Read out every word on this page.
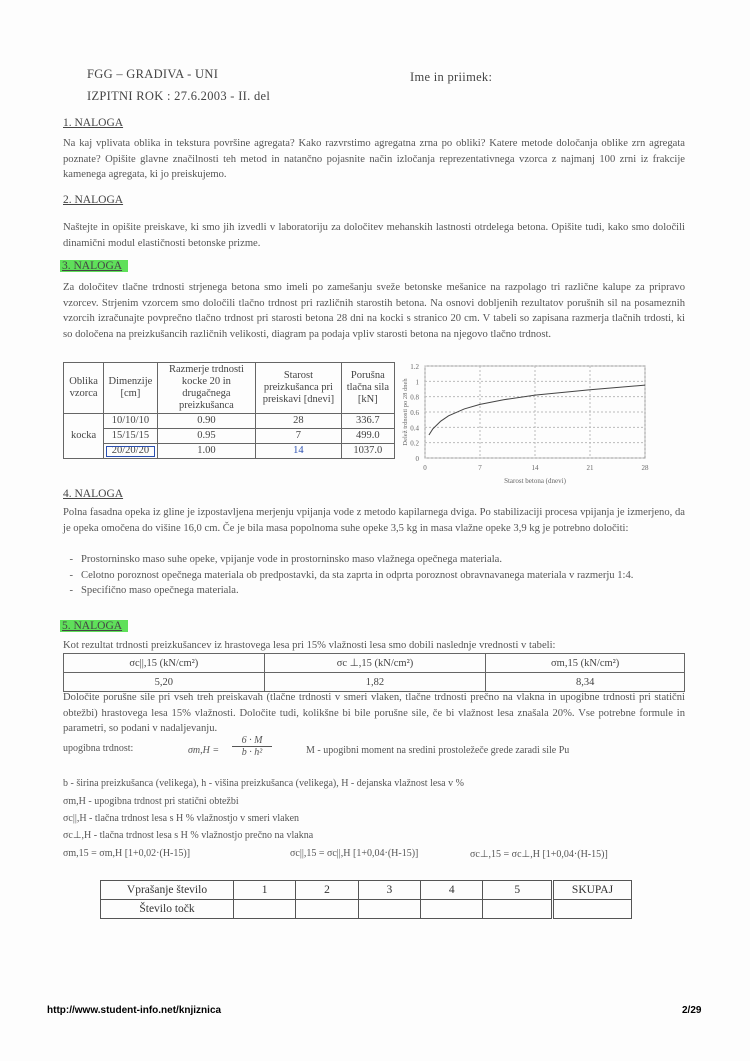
FGG – GRADIVA - UNI
IZPITNI ROK : 27.6.2003 - II. del
Ime in priimek:
1. NALOGA
Na kaj vplivata oblika in tekstura površine agregata? Kako razvrstimo agregatna zrna po obliki? Katere metode določanja oblike zrn agregata poznate? Opišite glavne značilnosti teh metod in natančno pojasnite način izločanja reprezentativnega vzorca z najmanj 100 zrni iz frakcije kamenega agregata, ki jo preiskujemo.
2. NALOGA
Naštejte in opišite preiskave, ki smo jih izvedli v laboratoriju za določitev mehanskih lastnosti otrdelega betona. Opišite tudi, kako smo določili dinamični modul elastičnosti betonske prizme.
3. NALOGA
Za določitev tlačne trdnosti strjenega betona smo imeli po zamešanju sveže betonske mešanice na razpolago tri različne kalupe za pripravo vzorcev. Strjenim vzorcem smo določili tlačno trdnost pri različnih starostih betona. Na osnovi dobljenih rezultatov porušnih sil na posameznih vzorcih izračunajte povprečno tlačno trdnost pri starosti betona 28 dni na kocki s stranico 20 cm. V tabeli so zapisana razmerja tlačnih trdosti, ki so določena na preizkušancih različnih velikosti, diagram pa podaja vpliv starosti betona na njegovo tlačno trdnost.
Oblika vzorca	Dimenzije [cm]	Razmerje trdnosti kocke 20 in drugačnega preizkušanca	Starost preizkušanca pri preiskavi [dnevi]	Porušna tlačna sila [kN]
kocka	10/10/10	0.90	28	336.7
	15/15/15	0.95	7	499.0
	20/20/20	1.00	14	1037.0
0
0.2
0.4
0.6
0.8
1
1.2
0	7	14	21	28
Starost betona (dnevi)
Delež trdnosti po 28 dneh
4. NALOGA
Polna fasadna opeka iz gline je izpostavljena merjenju vpijanja vode z metodo kapilarnega dviga. Po stabilizaciji procesa vpijanja je izmerjeno, da je opeka omočena do višine 16,0 cm. Če je bila masa popolnoma suhe opeke 3,5 kg in masa vlažne opeke 3,9 kg je potrebno določiti:
- Prostorninsko maso suhe opeke, vpijanje vode in prostorninsko maso vlažnega opečnega materiala.
- Celotno poroznost opečnega materiala ob predpostavki, da sta zaprta in odprta poroznost obravnavanega materiala v razmerju 1:4.
- Specifično maso opečnega materiala.
5. NALOGA
Kot rezultat trdnosti preizkušancev iz hrastovega lesa pri 15% vlažnosti lesa smo dobili naslednje vrednosti v tabeli:
σc||,15 (kN/cm²)	σc ⊥,15 (kN/cm²)	σm,15 (kN/cm²)
5,20	1,82	8,34
Določite porušne sile pri vseh treh preiskavah (tlačne trdnosti v smeri vlaken, tlačne trdnosti prečno na vlakna in upogibne trdnosti pri statični obtežbi) hrastovega lesa 15% vlažnosti. Določite tudi, kolikšne bi bile porušne sile, če bi vlažnost lesa znašala 20%. Vse potrebne formule in parametri, so podani v nadaljevanju.
upogibna trdnost:	$\sigma m,H = \frac{6 \cdot M}{\text{b · h²}}$	M - upogibni moment na sredini prostoležeče grede zaradi sile Pu
b - širina preizkušanca (velikega), h - višina preizkušanca (velikega), H - dejanska vlažnost lesa v %
σm,H - upogibna trdnost pri statični obtežbi
σc||,H - tlačna trdnost lesa s H % vlažnostjo v smeri vlaken
σc⊥,H - tlačna trdnost lesa s H % vlažnostjo prečno na vlakna
σm,15 = σm,H [1+0,02·(H-15)]	σc||,15 = σc||,H [1+0,04·(H-15)]	σc⊥,15 = σc⊥,H [1+0,04·(H-15)]
Vprašanje število	1	2	3	4	5	SKUPAJ
Število točk						
http://www.student-info.net/knjiznica	2/29
